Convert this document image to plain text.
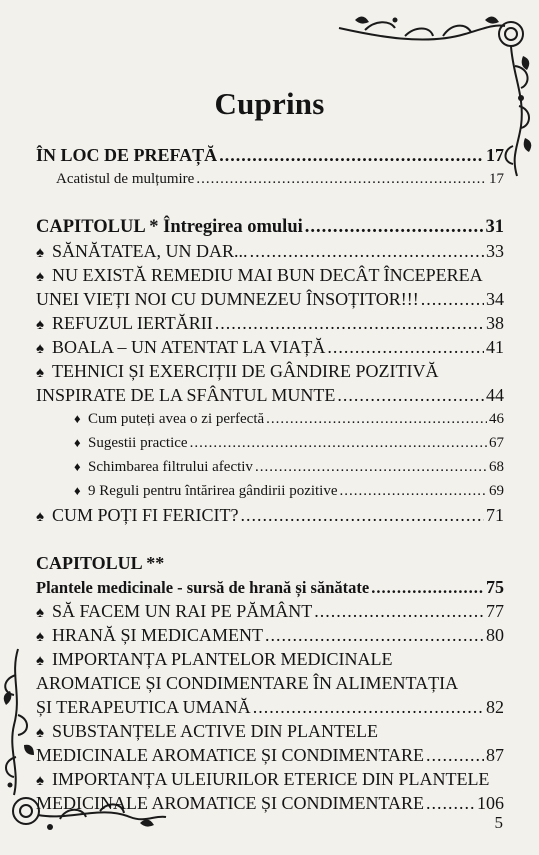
Cuprins
ÎN LOC DE PREFAȚĂ .....	17
Acatistul de mulțumire .....	17
CAPITOLUL * Întregirea omului .....	31
♠ SĂNĂTATEA, UN DAR... .....	33
♠ NU EXISTĂ REMEDIU MAI BUN DECÂT ÎNCEPEREA
UNEI VIEȚI NOI CU DUMNEZEU ÎNSOȚITOR!!! .....	34
♠ REFUZUL IERTĂRII .....	38
♠ BOALA – UN ATENTAT LA VIAȚĂ .....	41
♠ TEHNICI ȘI EXERCIȚII DE GÂNDIRE POZITIVĂ
INSPIRATE DE LA SFÂNTUL MUNTE .....	44
♦ Cum puteți avea o zi perfectă .....	46
♦ Sugestii practice .....	67
♦ Schimbarea filtrului afectiv .....	68
♦ 9 Reguli pentru întărirea gândirii pozitive .....	69
♠ CUM POȚI FI FERICIT? .....	71
CAPITOLUL **
Plantele medicinale - sursă de hrană și sănătate .....	75
♠ SĂ FACEM UN RAI PE PĂMÂNT .....	77
♠ HRANĂ ȘI MEDICAMENT .....	80
♠ IMPORTANȚA PLANTELOR MEDICINALE
AROMATICE ȘI CONDIMENTARE ÎN ALIMENTAȚIA
ȘI TERAPEUTICA UMANĂ .....	82
♠ SUBSTANȚELE ACTIVE DIN PLANTELE
MEDICINALE AROMATICE ȘI CONDIMENTARE .....	87
♠ IMPORTANȚA ULEIURILOR ETERICE DIN PLANTELE
MEDICINALE AROMATICE ȘI CONDIMENTARE .....	106
5
